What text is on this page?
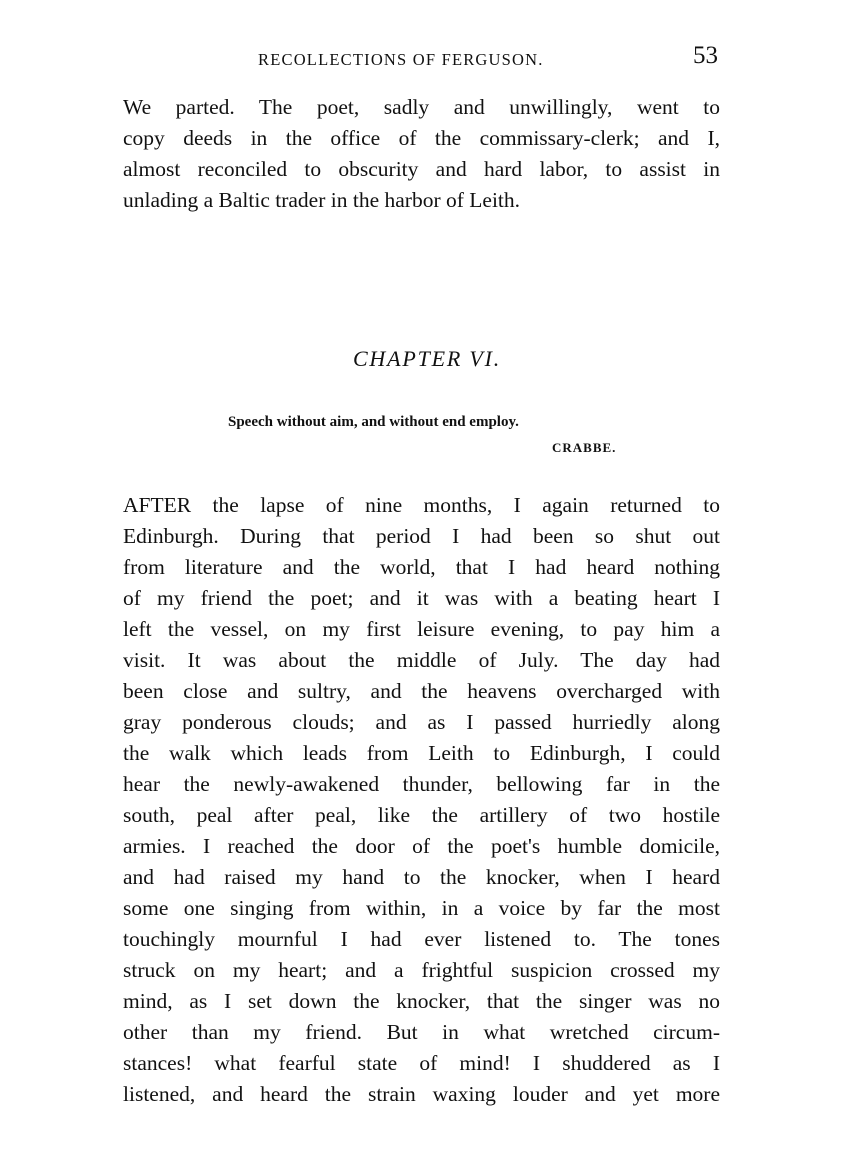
RECOLLECTIONS OF FERGUSON.	53
We parted. The poet, sadly and unwillingly, went to
copy deeds in the office of the commissary-clerk; and I,
almost reconciled to obscurity and hard labor, to assist in
unlading a Baltic trader in the harbor of Leith.
CHAPTER VI.
Speech without aim, and without end employ.
CRABBE.
AFTER the lapse of nine months, I again returned to
Edinburgh. During that period I had been so shut out
from literature and the world, that I had heard nothing
of my friend the poet; and it was with a beating heart I
left the vessel, on my first leisure evening, to pay him a
visit. It was about the middle of July. The day had
been close and sultry, and the heavens overcharged with
gray ponderous clouds; and as I passed hurriedly along
the walk which leads from Leith to Edinburgh, I could
hear the newly-awakened thunder, bellowing far in the
south, peal after peal, like the artillery of two hostile
armies. I reached the door of the poet's humble domicile,
and had raised my hand to the knocker, when I heard
some one singing from within, in a voice by far the most
touchingly mournful I had ever listened to. The tones
struck on my heart; and a frightful suspicion crossed my
mind, as I set down the knocker, that the singer was no
other than my friend. But in what wretched circum-
stances! what fearful state of mind! I shuddered as I
listened, and heard the strain waxing louder and yet more
